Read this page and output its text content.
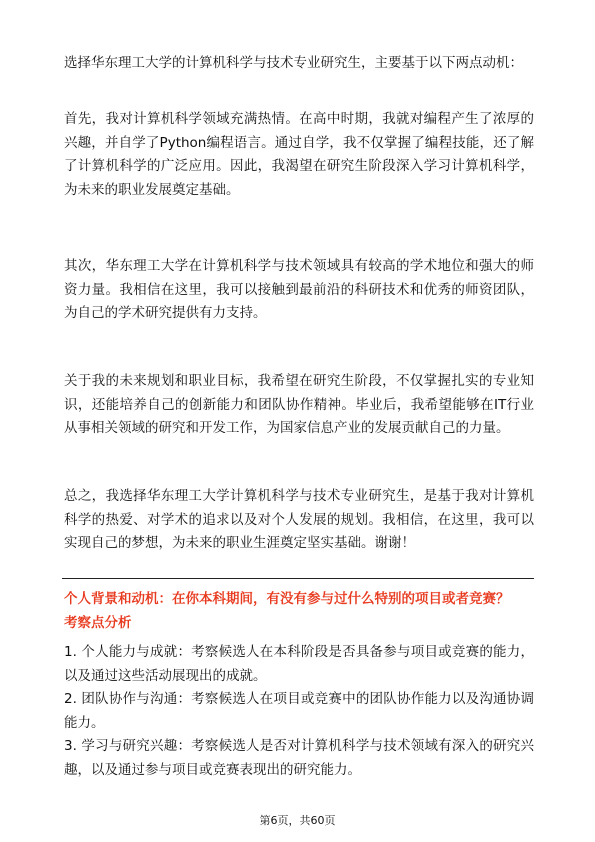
选择华东理工大学的计算机科学与技术专业研究生，主要基于以下两点动机：

首先，我对计算机科学领域充满热情。在高中时期，我就对编程产生了浓厚的兴趣，并自学了Python编程语言。通过自学，我不仅掌握了编程技能，还了解了计算机科学的广泛应用。因此，我渴望在研究生阶段深入学习计算机科学，为未来的职业发展奠定基础。

其次，华东理工大学在计算机科学与技术领域具有较高的学术地位和强大的师资力量。我相信在这里，我可以接触到最前沿的科研技术和优秀的师资团队，为自己的学术研究提供有力支持。

关于我的未来规划和职业目标，我希望在研究生阶段，不仅掌握扎实的专业知识，还能培养自己的创新能力和团队协作精神。毕业后，我希望能够在IT行业从事相关领域的研究和开发工作，为国家信息产业的发展贡献自己的力量。

总之，我选择华东理工大学计算机科学与技术专业研究生，是基于我对计算机科学的热爱、对学术的追求以及对个人发展的规划。我相信，在这里，我可以实现自己的梦想，为未来的职业生涯奠定坚实基础。谢谢！

个人背景和动机：在你本科期间，有没有参与过什么特别的项目或者竞赛？

考察点分析

1. 个人能力与成就：考察候选人在本科阶段是否具备参与项目或竞赛的能力，以及通过这些活动展现出的成就。

2. 团队协作与沟通：考察候选人在项目或竞赛中的团队协作能力以及沟通协调能力。

3. 学习与研究兴趣：考察候选人是否对计算机科学与技术领域有深入的研究兴趣，以及通过参与项目或竞赛表现出的研究能力。

第6页，共60页
